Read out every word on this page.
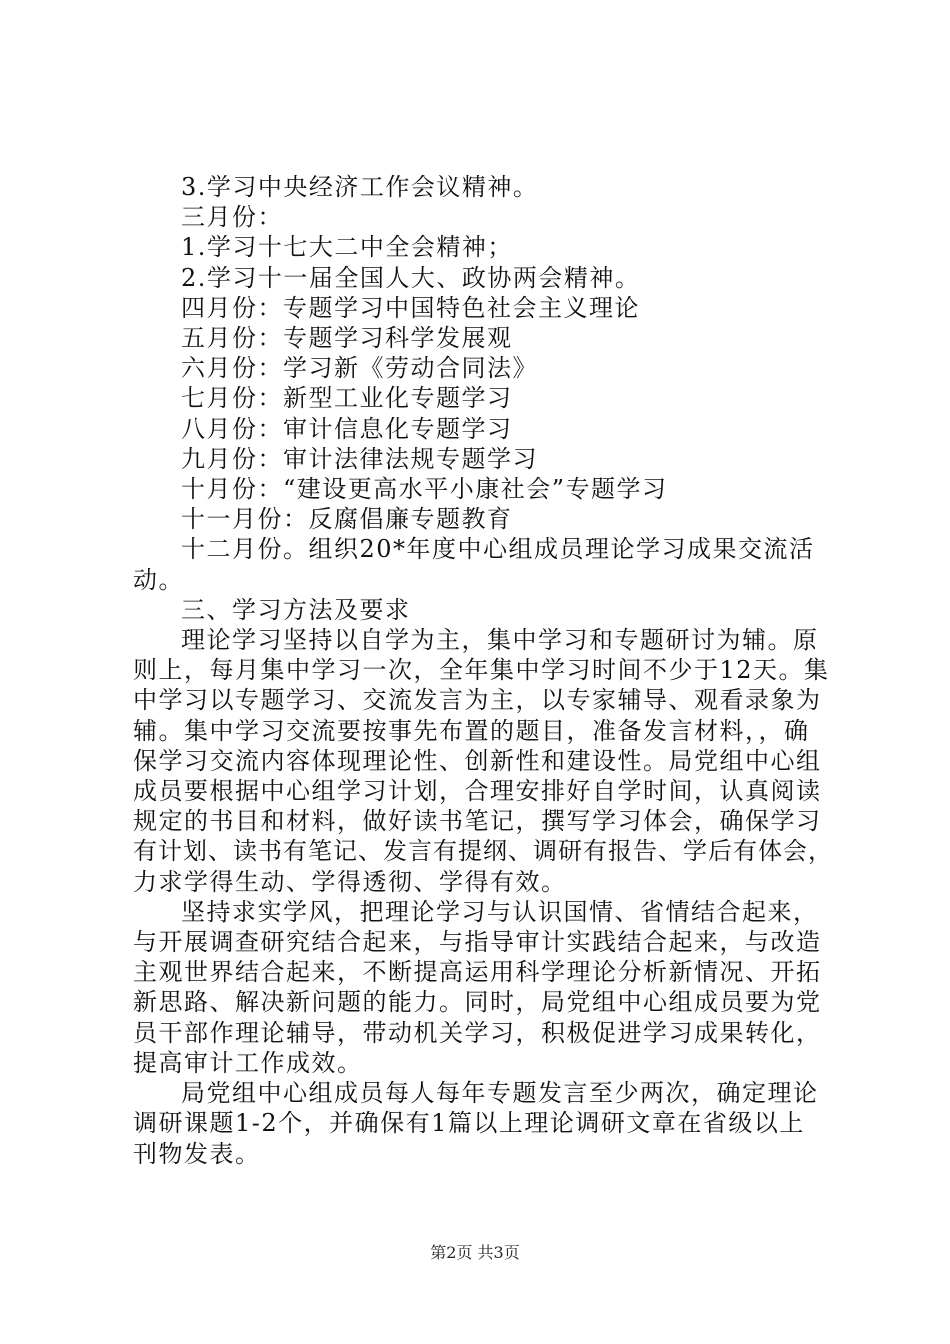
3.学习中央经济工作会议精神。
三月份：
1.学习十七大二中全会精神；
2.学习十一届全国人大、政协两会精神。
四月份：专题学习中国特色社会主义理论
五月份：专题学习科学发展观
六月份：学习新《劳动合同法》
七月份：新型工业化专题学习
八月份：审计信息化专题学习
九月份：审计法律法规专题学习
十月份：“建设更高水平小康社会”专题学习
十一月份：反腐倡廉专题教育
十二月份。组织20*年度中心组成员理论学习成果交流活
动。
三、学习方法及要求
理论学习坚持以自学为主，集中学习和专题研讨为辅。原
则上，每月集中学习一次，全年集中学习时间不少于12天。集
中学习以专题学习、交流发言为主，以专家辅导、观看录象为
辅。集中学习交流要按事先布置的题目，准备发言材料，，确
保学习交流内容体现理论性、创新性和建设性。局党组中心组
成员要根据中心组学习计划，合理安排好自学时间，认真阅读
规定的书目和材料，做好读书笔记，撰写学习体会，确保学习
有计划、读书有笔记、发言有提纲、调研有报告、学后有体会，
力求学得生动、学得透彻、学得有效。
坚持求实学风，把理论学习与认识国情、省情结合起来，
与开展调查研究结合起来，与指导审计实践结合起来，与改造
主观世界结合起来，不断提高运用科学理论分析新情况、开拓
新思路、解决新问题的能力。同时，局党组中心组成员要为党
员干部作理论辅导，带动机关学习，积极促进学习成果转化，
提高审计工作成效。
局党组中心组成员每人每年专题发言至少两次，确定理论
调研课题1-2个，并确保有1篇以上理论调研文章在省级以上
刊物发表。
第2页 共3页
